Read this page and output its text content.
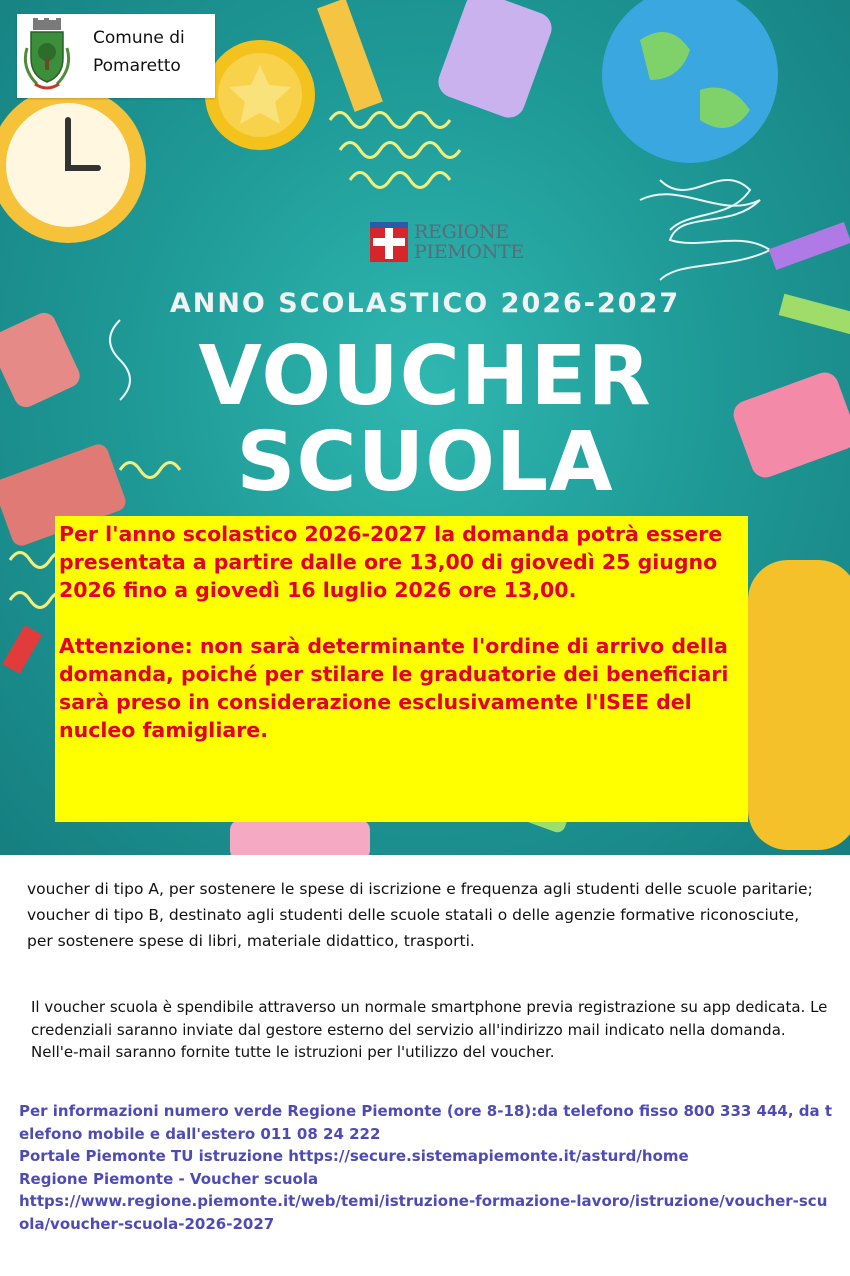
Comune di
Pomaretto
REGIONE
PIEMONTE
ANNO SCOLASTICO 2026-2027
VOUCHER
SCUOLA

Per l'anno scolastico 2026-2027 la domanda potrà essere presentata a partire dalle ore 13,00 di giovedì 25 giugno 2026 fino a giovedì 16 luglio 2026 ore 13,00.

Attenzione: non sarà determinante l'ordine di arrivo della domanda, poiché per stilare le graduatorie dei beneficiari sarà preso in considerazione esclusivamente l'ISEE del nucleo famigliare.

voucher di tipo A, per sostenere le spese di iscrizione e frequenza agli studenti delle scuole paritarie;

voucher di tipo B, destinato agli studenti delle scuole statali o delle agenzie formative riconosciute, per sostenere spese di libri, materiale didattico, trasporti.

Il voucher scuola è spendibile attraverso un normale smartphone previa registrazione su app dedicata. Le credenziali saranno inviate dal gestore esterno del servizio all'indirizzo mail indicato nella domanda. Nell'e-mail saranno fornite tutte le istruzioni per l'utilizzo del voucher.
Per informazioni numero verde Regione Piemonte (ore 8-18):da telefono fisso 800 333 444, da telefono mobile e dall'estero 011 08 24 222
Portale Piemonte TU istruzione https://secure.sistemapiemonte.it/asturd/home
Regione Piemonte - Voucher scuola
https://www.regione.piemonte.it/web/temi/istruzione-formazione-lavoro/istruzione/voucher-scuola/voucher-scuola-2026-2027
